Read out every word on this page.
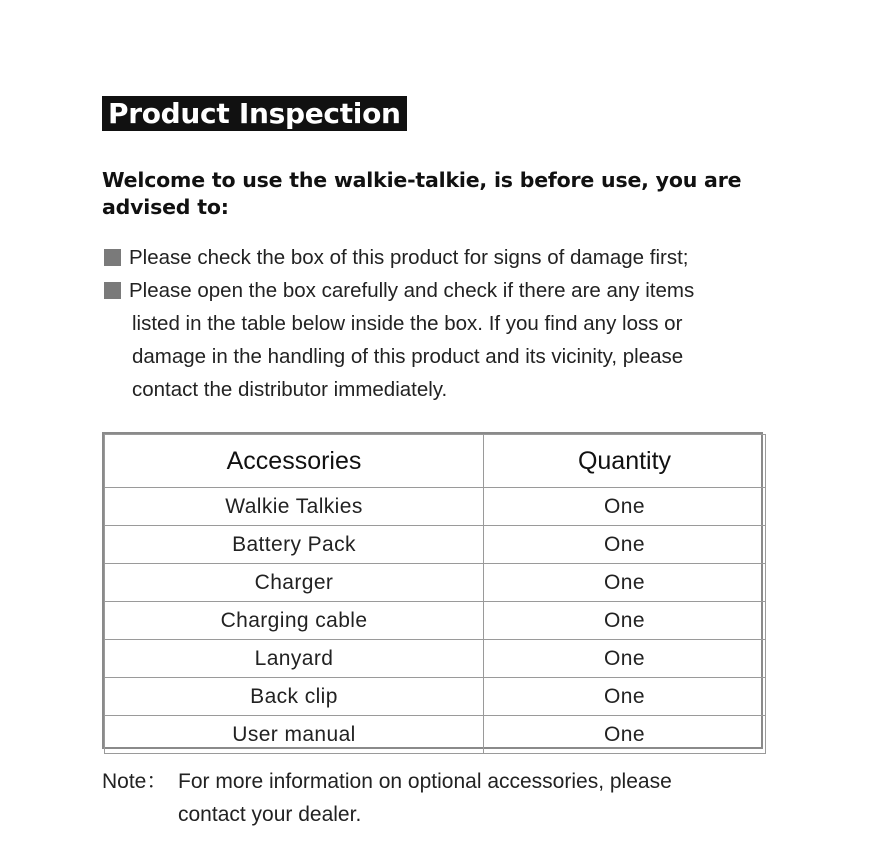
Product Inspection
Welcome to use the walkie-talkie, is before use, you are advised to:
Please check the box of this product for signs of damage first;
Please open the box carefully and check if there are any items
listed in the table below inside the box. If you find any loss or
damage in the handling of this product and its vicinity, please
contact the distributor immediately.
Accessories	Quantity
Walkie Talkies	One
Battery Pack	One
Charger	One
Charging cable	One
Lanyard	One
Back clip	One
User manual	One
Note： For more information on optional accessories, please
contact your dealer.
